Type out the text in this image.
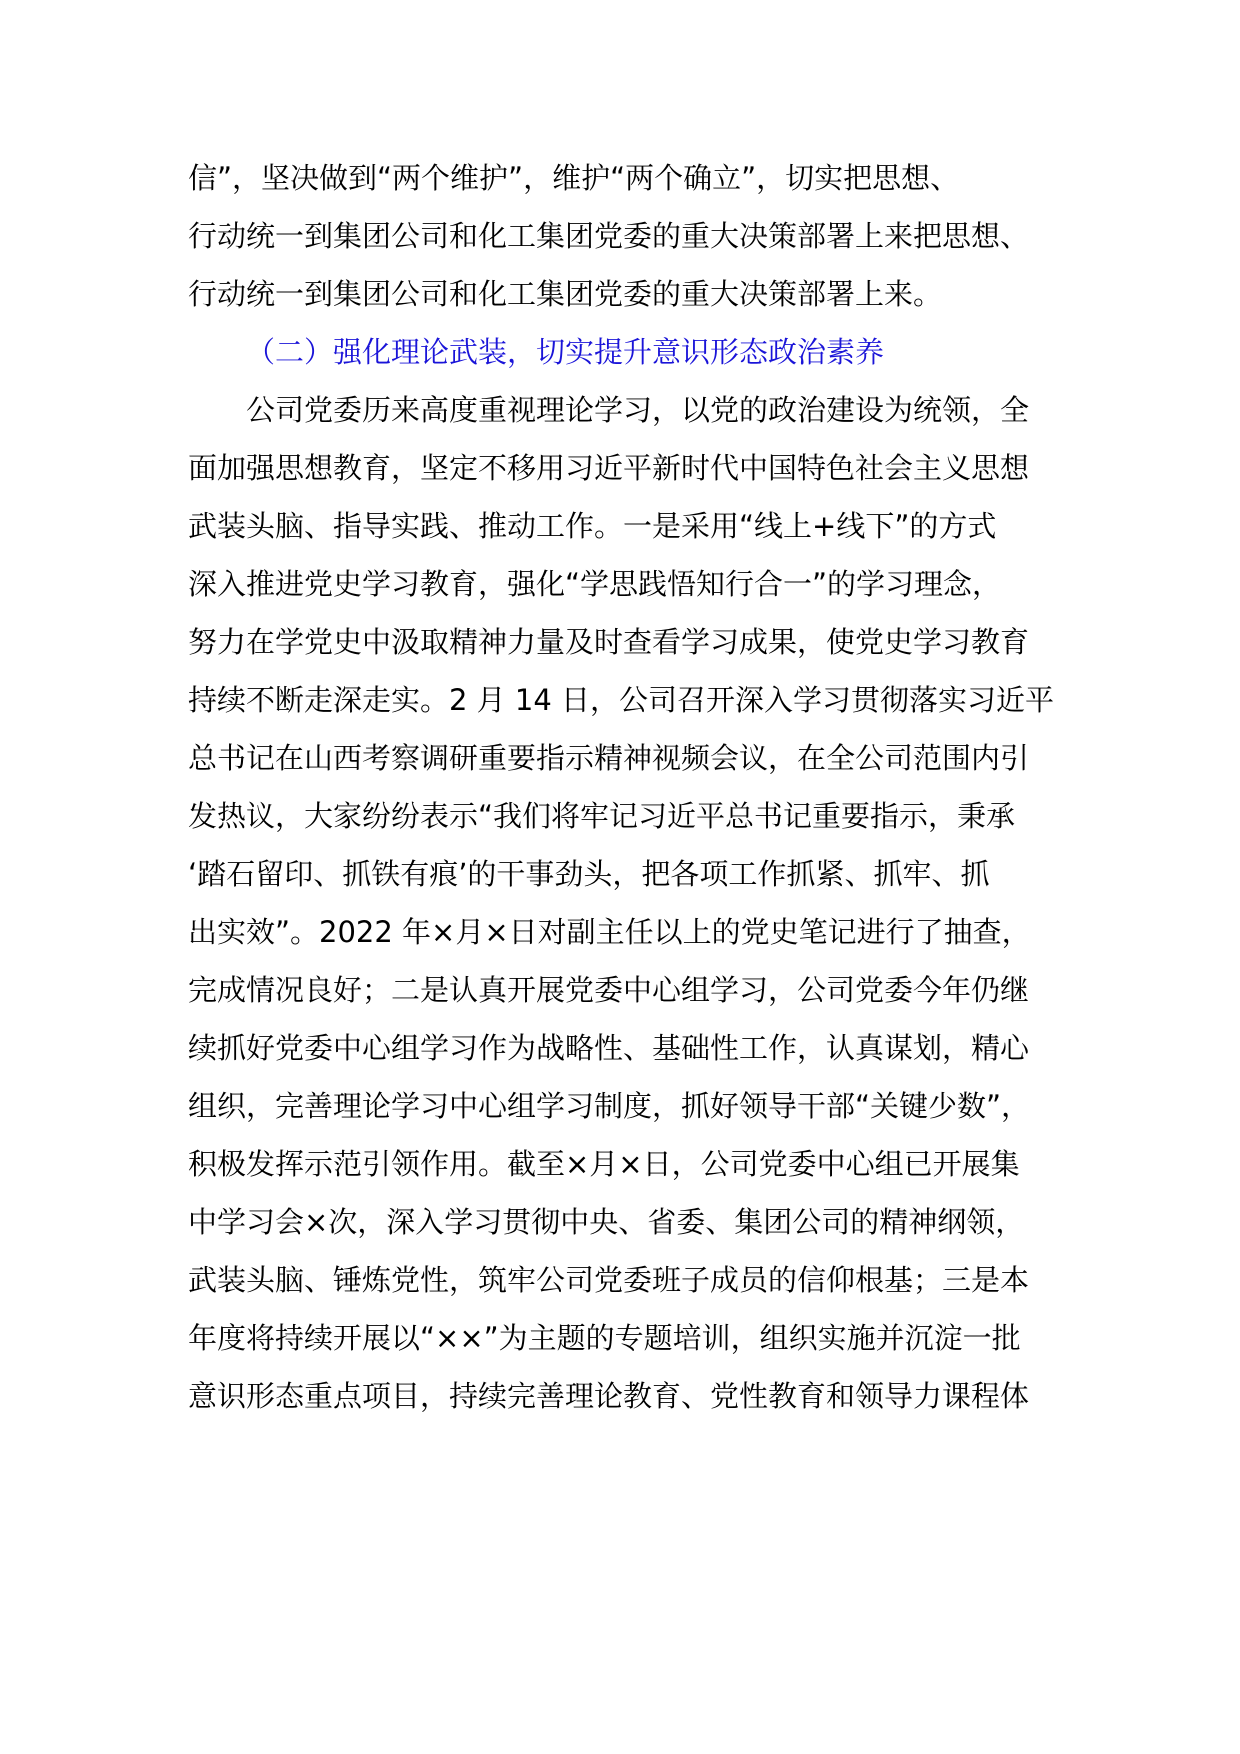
信”，坚决做到“两个维护”，维护“两个确立”，切实把思想、
行动统一到集团公司和化工集团党委的重大决策部署上来把思想、
行动统一到集团公司和化工集团党委的重大决策部署上来。
（二）强化理论武装，切实提升意识形态政治素养
公司党委历来高度重视理论学习，以党的政治建设为统领，全
面加强思想教育，坚定不移用习近平新时代中国特色社会主义思想
武装头脑、指导实践、推动工作。一是采用“线上+线下”的方式
深入推进党史学习教育，强化“学思践悟知行合一”的学习理念，
努力在学党史中汲取精神力量及时查看学习成果，使党史学习教育
持续不断走深走实。2 月 14 日，公司召开深入学习贯彻落实习近平
总书记在山西考察调研重要指示精神视频会议，在全公司范围内引
发热议，大家纷纷表示“我们将牢记习近平总书记重要指示，秉承
‘踏石留印、抓铁有痕’的干事劲头，把各项工作抓紧、抓牢、抓
出实效”。2022 年×月×日对副主任以上的党史笔记进行了抽查，
完成情况良好；二是认真开展党委中心组学习，公司党委今年仍继
续抓好党委中心组学习作为战略性、基础性工作，认真谋划，精心
组织，完善理论学习中心组学习制度，抓好领导干部“关键少数”，
积极发挥示范引领作用。截至×月×日，公司党委中心组已开展集
中学习会×次，深入学习贯彻中央、省委、集团公司的精神纲领，
武装头脑、锤炼党性，筑牢公司党委班子成员的信仰根基；三是本
年度将持续开展以“××”为主题的专题培训，组织实施并沉淀一批
意识形态重点项目，持续完善理论教育、党性教育和领导力课程体
